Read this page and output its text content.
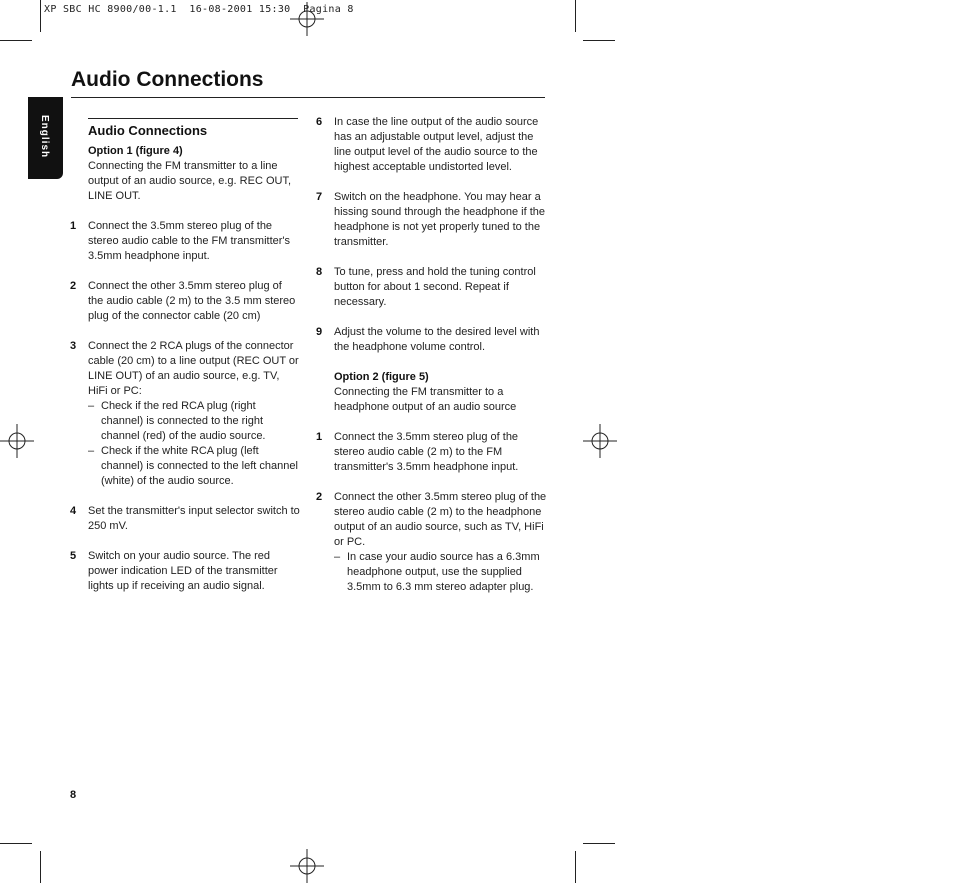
XP SBC HC 8900/00-1.1  16-08-2001 15:30  Pagina 8
English
Audio Connections
Audio Connections
Option 1 (figure 4)
Connecting the FM transmitter to a line output of an audio source, e.g. REC OUT, LINE OUT.
1 Connect the 3.5mm stereo plug of the stereo audio cable to the FM transmitter's 3.5mm headphone input.
2 Connect the other 3.5mm stereo plug of the audio cable (2 m) to the 3.5 mm stereo plug of the connector cable (20 cm)
3 Connect the 2 RCA plugs of the connector cable (20 cm) to a line output (REC OUT or LINE OUT) of an audio source, e.g. TV, HiFi or PC:
– Check if the red RCA plug (right channel) is connected to the right channel (red) of the audio source.
– Check if the white RCA plug (left channel) is connected to the left channel (white) of the audio source.
4 Set the transmitter's input selector switch to 250 mV.
5 Switch on your audio source. The red power indication LED of the transmitter lights up if receiving an audio signal.
6 In case the line output of the audio source has an adjustable output level, adjust the line output level of the audio source to the highest acceptable undistorted level.
7 Switch on the headphone. You may hear a hissing sound through the headphone if the headphone is not yet properly tuned to the transmitter.
8 To tune, press and hold the tuning control button for about 1 second. Repeat if necessary.
9 Adjust the volume to the desired level with the headphone volume control.
Option 2 (figure 5)
Connecting the FM transmitter to a headphone output of an audio source
1 Connect the 3.5mm stereo plug of the stereo audio cable (2 m) to the FM transmitter's 3.5mm headphone input.
2 Connect the other 3.5mm stereo plug of the stereo audio cable (2 m) to the headphone output of an audio source, such as TV, HiFi or PC.
– In case your audio source has a 6.3mm headphone output, use the supplied 3.5mm to 6.3 mm stereo adapter plug.
8
